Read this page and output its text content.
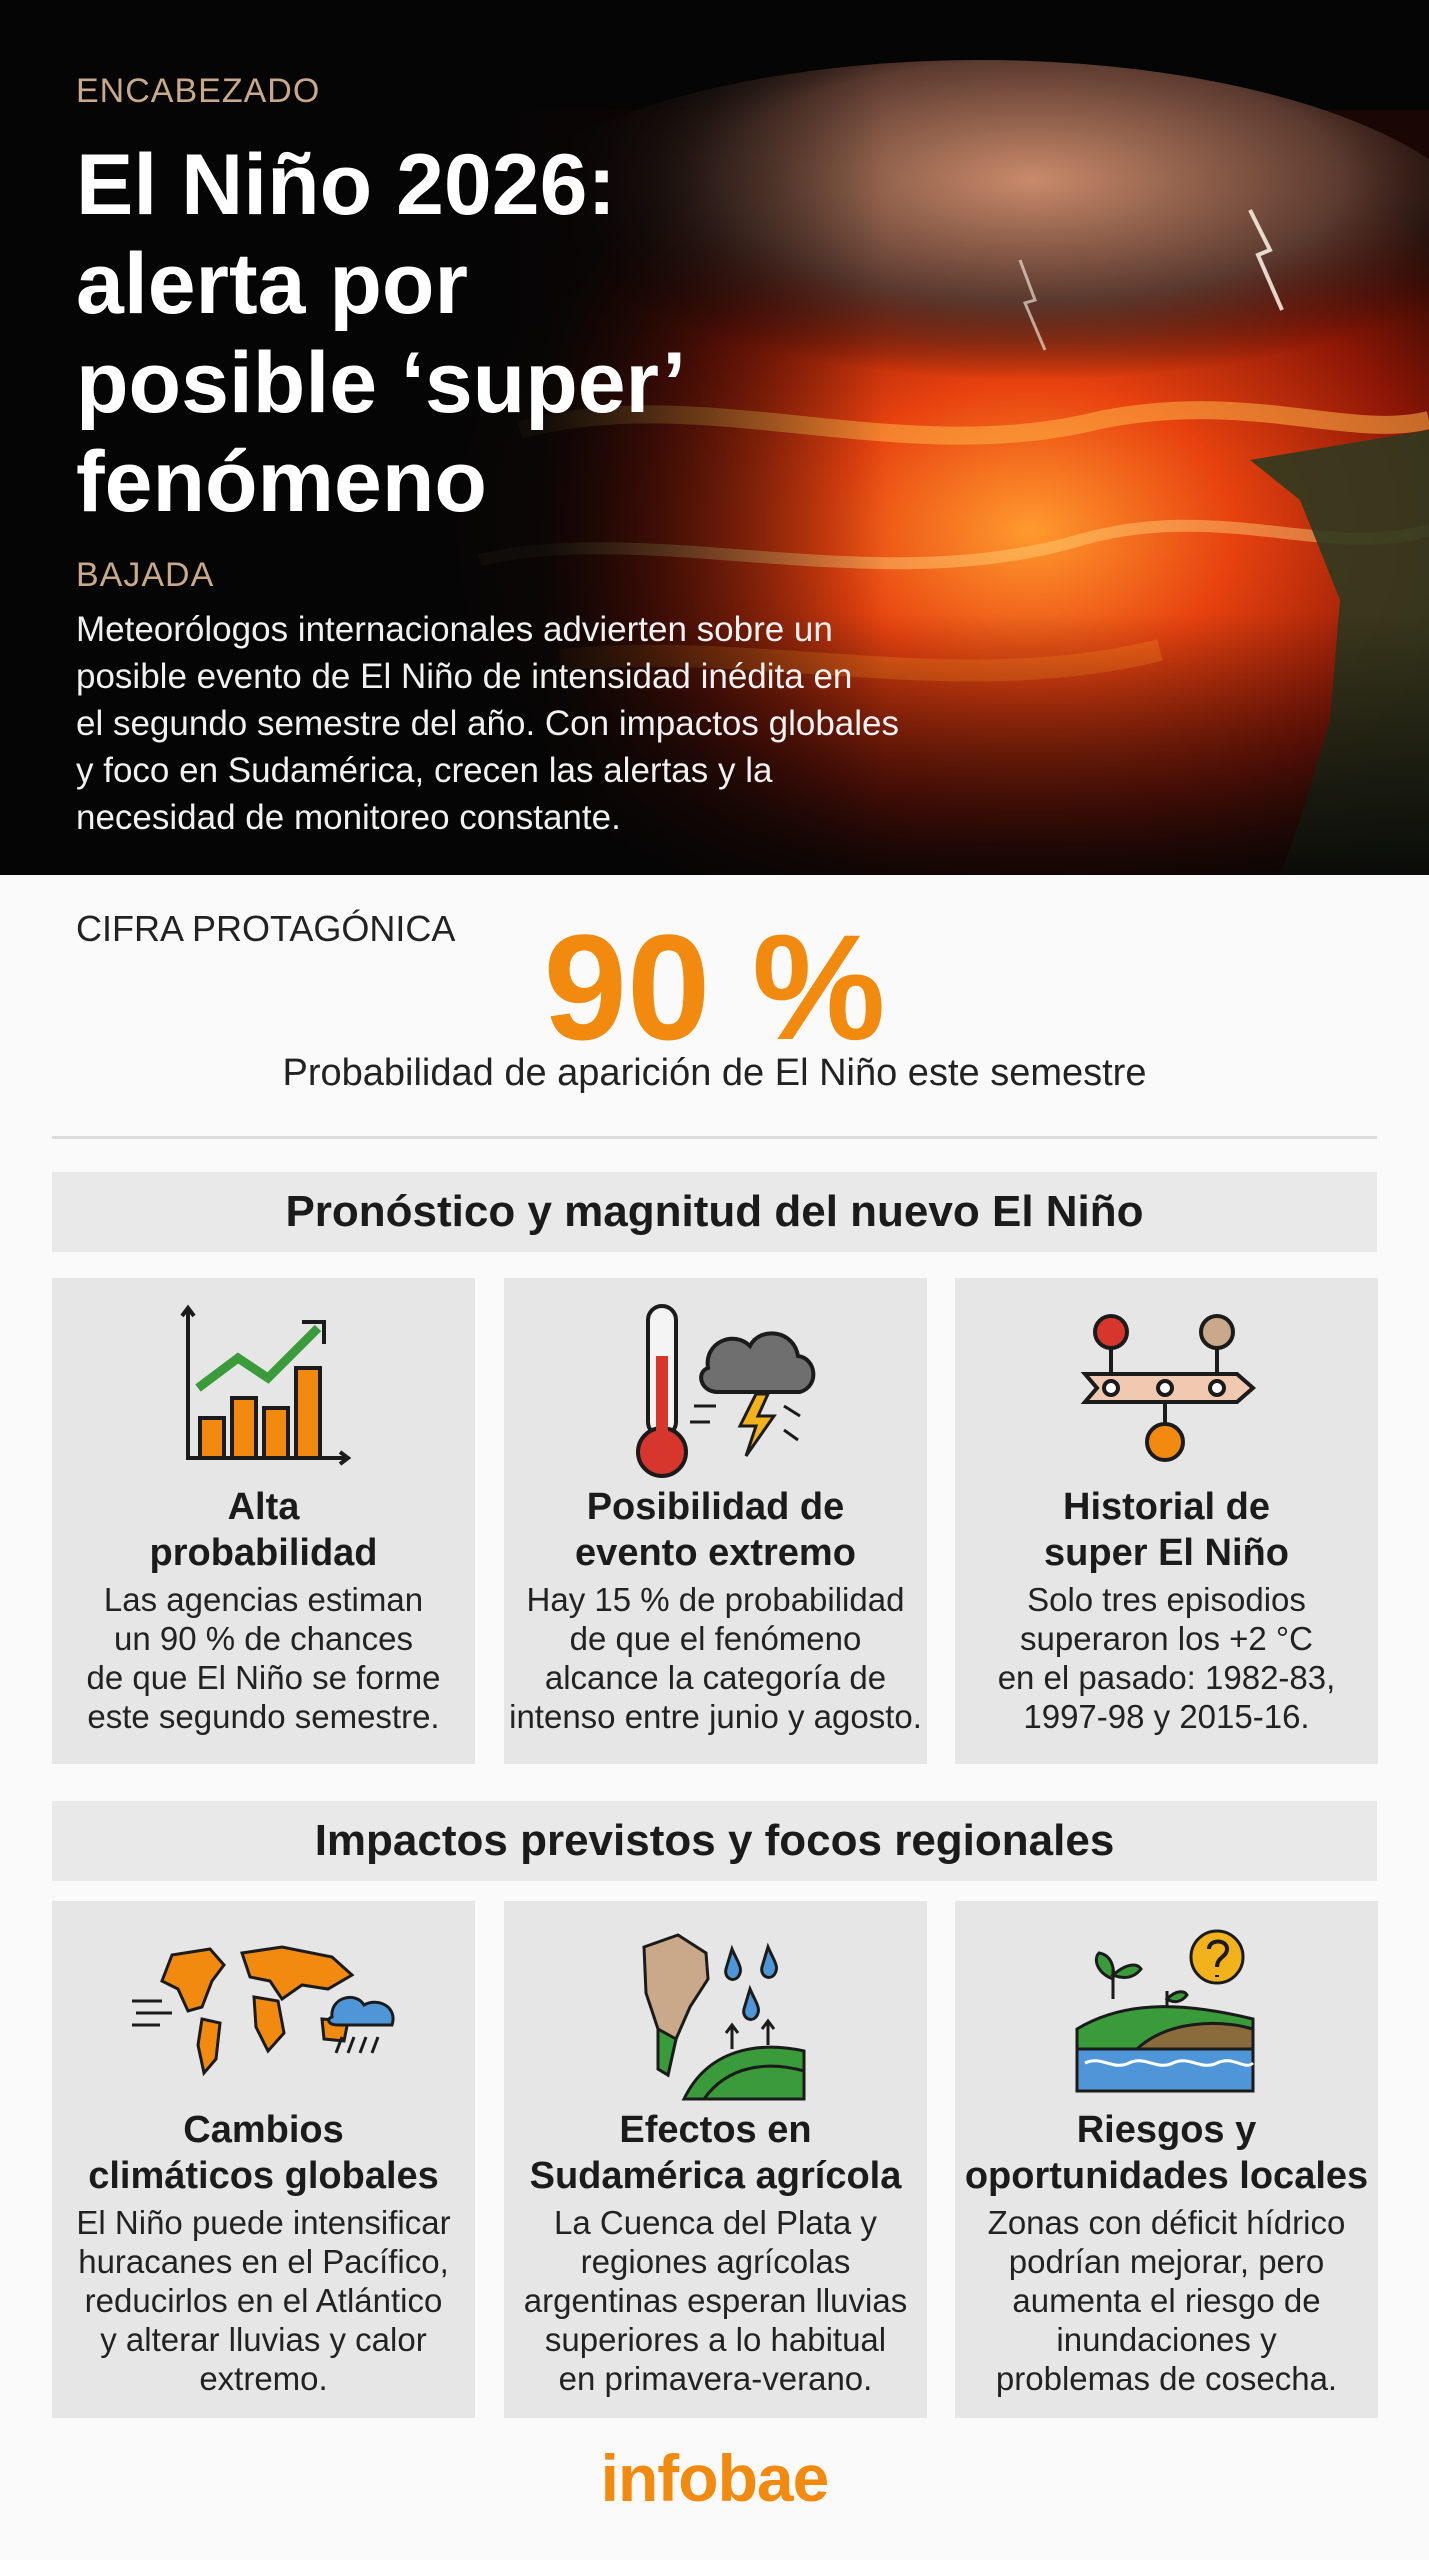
ENCABEZADO
El Niño 2026:
alerta por
posible ‘super’
fenómeno
BAJADA

Meteorólogos internacionales advierten sobre un
posible evento de El Niño de intensidad inédita en
el segundo semestre del año. Con impactos globales
y foco en Sudamérica, crecen las alertas y la
necesidad de monitoreo constante.

CIFRA PROTAGÓNICA 90 %
Probabilidad de aparición de El Niño este semestre
Pronóstico y magnitud del nuevo El Niño
Alta
probabilidad
Las agencias estiman
un 90 % de chances
de que El Niño se forme
este segundo semestre.
Posibilidad de
evento extremo
Hay 15 % de probabilidad
de que el fenómeno
alcance la categoría de
intenso entre junio y agosto.
Historial de
super El Niño
Solo tres episodios
superaron los +2 °C
en el pasado: 1982-83,
1997-98 y 2015-16.
Impactos previstos y focos regionales
Cambios
climáticos globales
El Niño puede intensificar
huracanes en el Pacífico,
reducirlos en el Atlántico
y alterar lluvias y calor
extremo.
Efectos en
Sudamérica agrícola
La Cuenca del Plata y
regiones agrícolas
argentinas esperan lluvias
superiores a lo habitual
en primavera-verano.
Riesgos y
oportunidades locales
Zonas con déficit hídrico
podrían mejorar, pero
aumenta el riesgo de
inundaciones y
problemas de cosecha.
infobae
